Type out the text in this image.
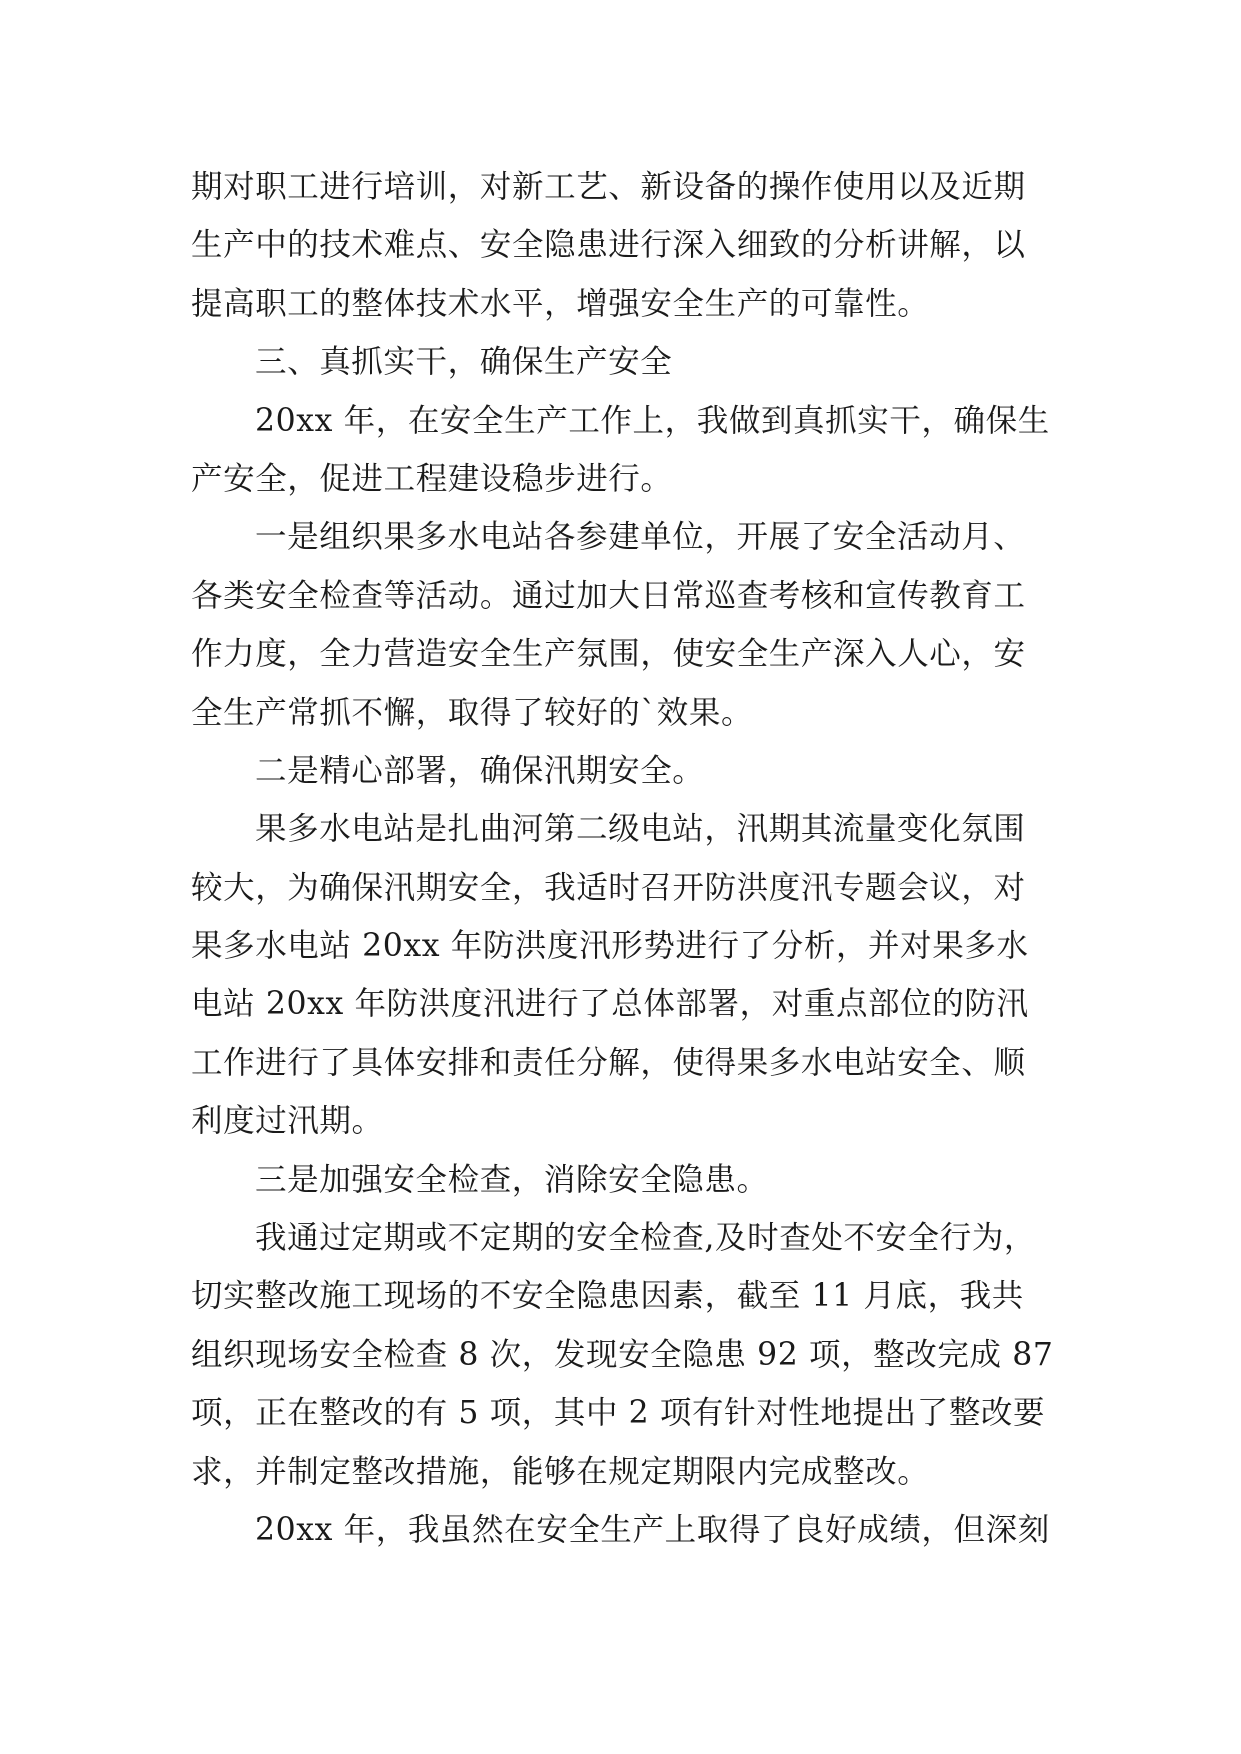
期对职工进行培训，对新工艺、新设备的操作使用以及近期
生产中的技术难点、安全隐患进行深入细致的分析讲解，以
提高职工的整体技术水平，增强安全生产的可靠性。
三、真抓实干，确保生产安全
20xx 年，在安全生产工作上，我做到真抓实干，确保生
产安全，促进工程建设稳步进行。
一是组织果多水电站各参建单位，开展了安全活动月、
各类安全检查等活动。通过加大日常巡查考核和宣传教育工
作力度，全力营造安全生产氛围，使安全生产深入人心，安
全生产常抓不懈，取得了较好的`效果。
二是精心部署，确保汛期安全。
果多水电站是扎曲河第二级电站，汛期其流量变化氛围
较大，为确保汛期安全，我适时召开防洪度汛专题会议，对
果多水电站 20xx 年防洪度汛形势进行了分析，并对果多水
电站 20xx 年防洪度汛进行了总体部署，对重点部位的防汛
工作进行了具体安排和责任分解，使得果多水电站安全、顺
利度过汛期。
三是加强安全检查，消除安全隐患。
我通过定期或不定期的安全检查,及时查处不安全行为，
切实整改施工现场的不安全隐患因素，截至 11 月底，我共
组织现场安全检查 8 次，发现安全隐患 92 项，整改完成 87
项，正在整改的有 5 项，其中 2 项有针对性地提出了整改要
求，并制定整改措施，能够在规定期限内完成整改。
20xx 年，我虽然在安全生产上取得了良好成绩，但深刻
